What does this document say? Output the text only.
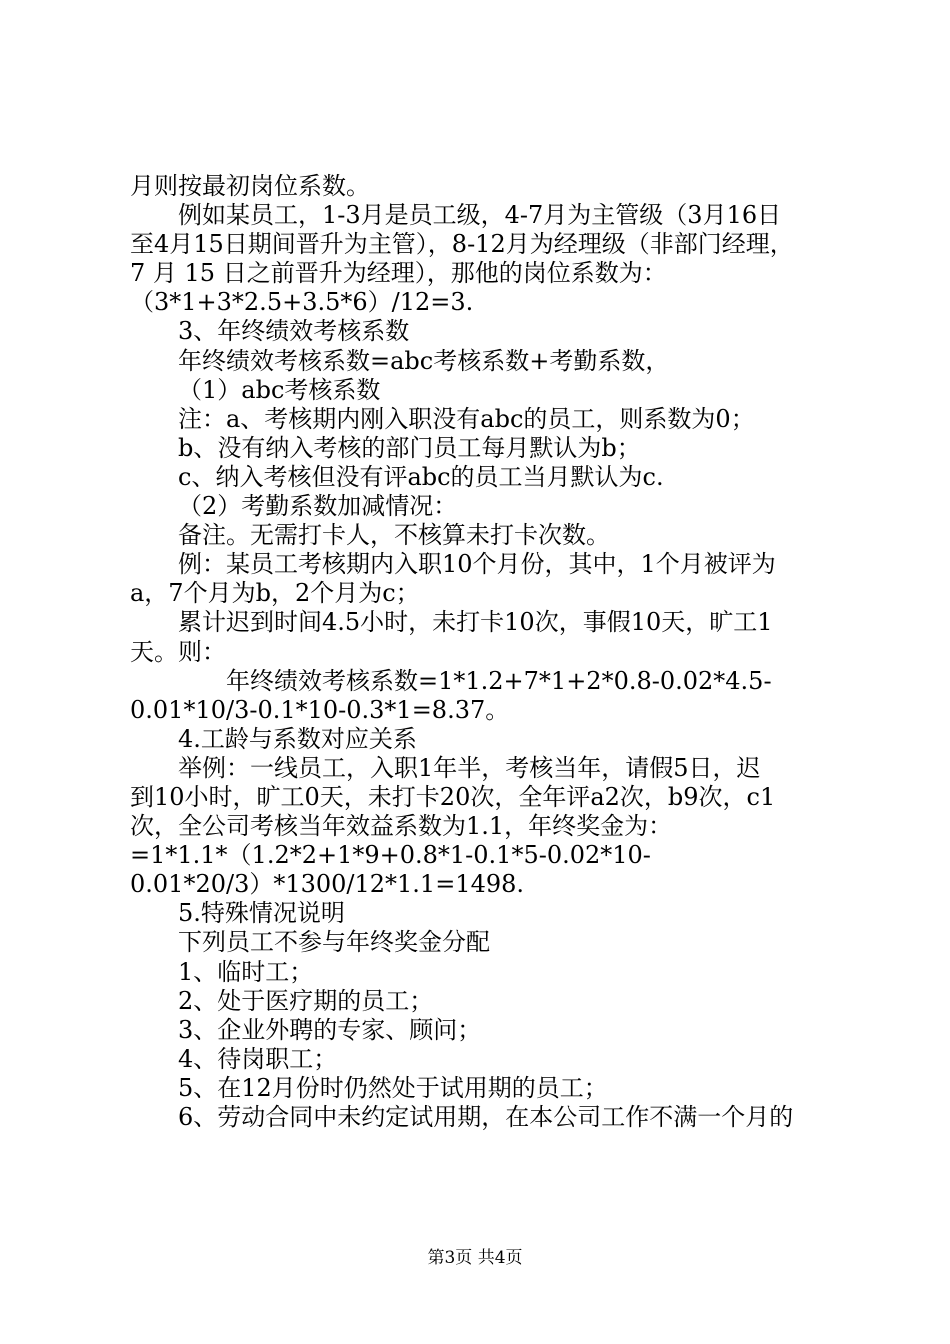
月则按最初岗位系数。
例如某员工，1-3月是员工级，4-7月为主管级（3月16日
至4月15日期间晋升为主管），8-12月为经理级（非部门经理，
7 月 15 日之前晋升为经理），那他的岗位系数为：
（3*1+3*2.5+3.5*6）/12=3.
3、年终绩效考核系数
年终绩效考核系数=abc考核系数+考勤系数，
（1）abc考核系数
注：a、考核期内刚入职没有abc的员工，则系数为0；
b、没有纳入考核的部门员工每月默认为b；
c、纳入考核但没有评abc的员工当月默认为c.
（2）考勤系数加减情况：
备注。无需打卡人，不核算未打卡次数。
例：某员工考核期内入职10个月份，其中，1个月被评为
a，7个月为b，2个月为c；
累计迟到时间4.5小时，未打卡10次，事假10天，旷工1
天。则：
年终绩效考核系数=1*1.2+7*1+2*0.8-0.02*4.5-
0.01*10/3-0.1*10-0.3*1=8.37。
4.工龄与系数对应关系
举例：一线员工，入职1年半，考核当年，请假5日，迟
到10小时，旷工0天，未打卡20次，全年评a2次，b9次，c1
次，全公司考核当年效益系数为1.1，年终奖金为：
=1*1.1*（1.2*2+1*9+0.8*1-0.1*5-0.02*10-
0.01*20/3）*1300/12*1.1=1498.
5.特殊情况说明
下列员工不参与年终奖金分配
1、临时工；
2、处于医疗期的员工；
3、企业外聘的专家、顾问；
4、待岗职工；
5、在12月份时仍然处于试用期的员工；
6、劳动合同中未约定试用期，在本公司工作不满一个月的
第3页 共4页
